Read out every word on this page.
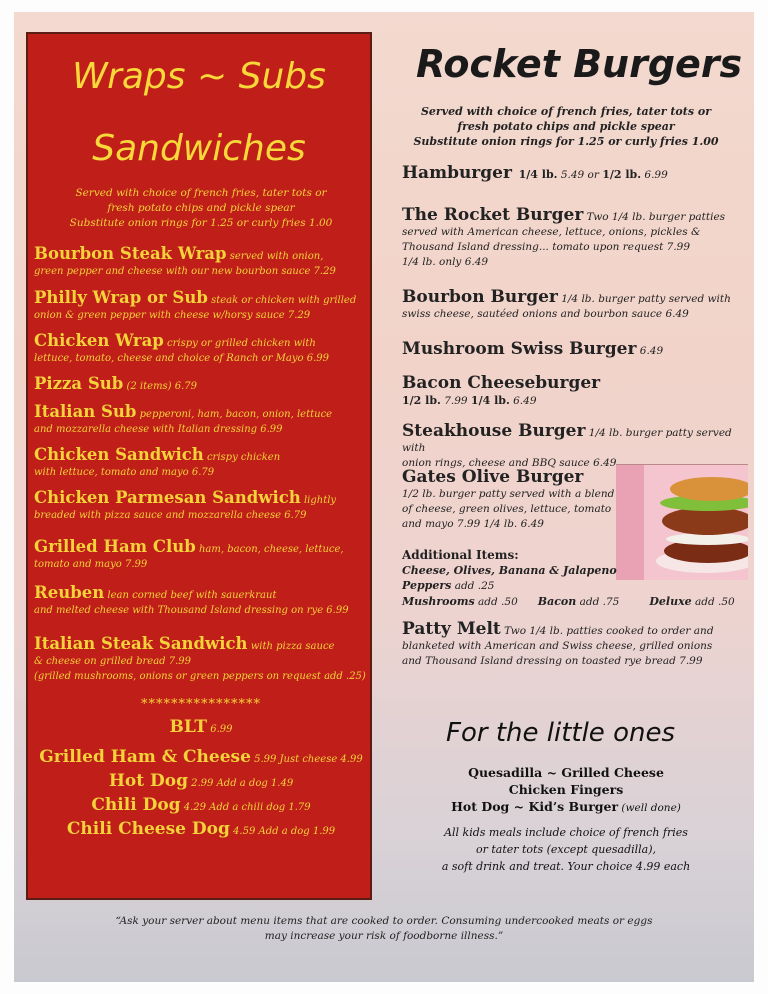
Wraps ~ Subs
Sandwiches
Served with choice of french fries, tater tots or
fresh potato chips and pickle spear
Substitute onion rings for 1.25 or curly fries 1.00
Bourbon Steak Wrap served with onion,
green pepper and cheese with our new bourbon sauce 7.29
Philly Wrap or Sub steak or chicken with grilled
onion & green pepper with cheese w/horsy sauce 7.29
Chicken Wrap crispy or grilled chicken with
lettuce, tomato, cheese and choice of Ranch or Mayo 6.99
Pizza Sub (2 items) 6.79
Italian Sub pepperoni, ham, bacon, onion, lettuce
and mozzarella cheese with Italian dressing 6.99
Chicken Sandwich crispy chicken
with lettuce, tomato and mayo 6.79
Chicken Parmesan Sandwich lightly
breaded with pizza sauce and mozzarella cheese 6.79
Grilled Ham Club ham, bacon, cheese, lettuce,
tomato and mayo 7.99
Reuben lean corned beef with sauerkraut
and melted cheese with Thousand Island dressing on rye 6.99
Italian Steak Sandwich with pizza sauce
& cheese on grilled bread 7.99
(grilled mushrooms, onions or green peppers on request add .25)
****************
BLT 6.99
Grilled Ham & Cheese 5.99 Just cheese 4.99
Hot Dog 2.99 Add a dog 1.49
Chili Dog 4.29 Add a chili dog 1.79
Chili Cheese Dog 4.59 Add a dog 1.99
Rocket Burgers
Served with choice of french fries, tater tots or
fresh potato chips and pickle spear
Substitute onion rings for 1.25 or curly fries 1.00
Hamburger 1/4 lb. 5.49 or 1/2 lb. 6.99
The Rocket Burger Two 1/4 lb. burger patties
served with American cheese, lettuce, onions, pickles &
Thousand Island dressing... tomato upon request 7.99
1/4 lb. only 6.49
Bourbon Burger 1/4 lb. burger patty served with
swiss cheese, sautéed onions and bourbon sauce 6.49
Mushroom Swiss Burger 6.49
Bacon Cheeseburger
1/2 lb. 7.99 1/4 lb. 6.49
Steakhouse Burger 1/4 lb. burger patty served with
onion rings, cheese and BBQ sauce 6.49
Gates Olive Burger
1/2 lb. burger patty served with a blend
of cheese, green olives, lettuce, tomato
and mayo 7.99 1/4 lb. 6.49
Additional Items:
Cheese, Olives, Banana & Jalapeno
Peppers add .25
Mushrooms add .50 Bacon add .75	Deluxe add .50
Patty Melt Two 1/4 lb. patties cooked to order and
blanketed with American and Swiss cheese, grilled onions
and Thousand Island dressing on toasted rye bread 7.99
For the little ones
Quesadilla ~ Grilled Cheese
Chicken Fingers
Hot Dog ~ Kid’s Burger (well done)
All kids meals include choice of french fries
or tater tots (except quesadilla),
a soft drink and treat. Your choice 4.99 each
“Ask your server about menu items that are cooked to order. Consuming undercooked meats or eggs
may increase your risk of foodborne illness.”
